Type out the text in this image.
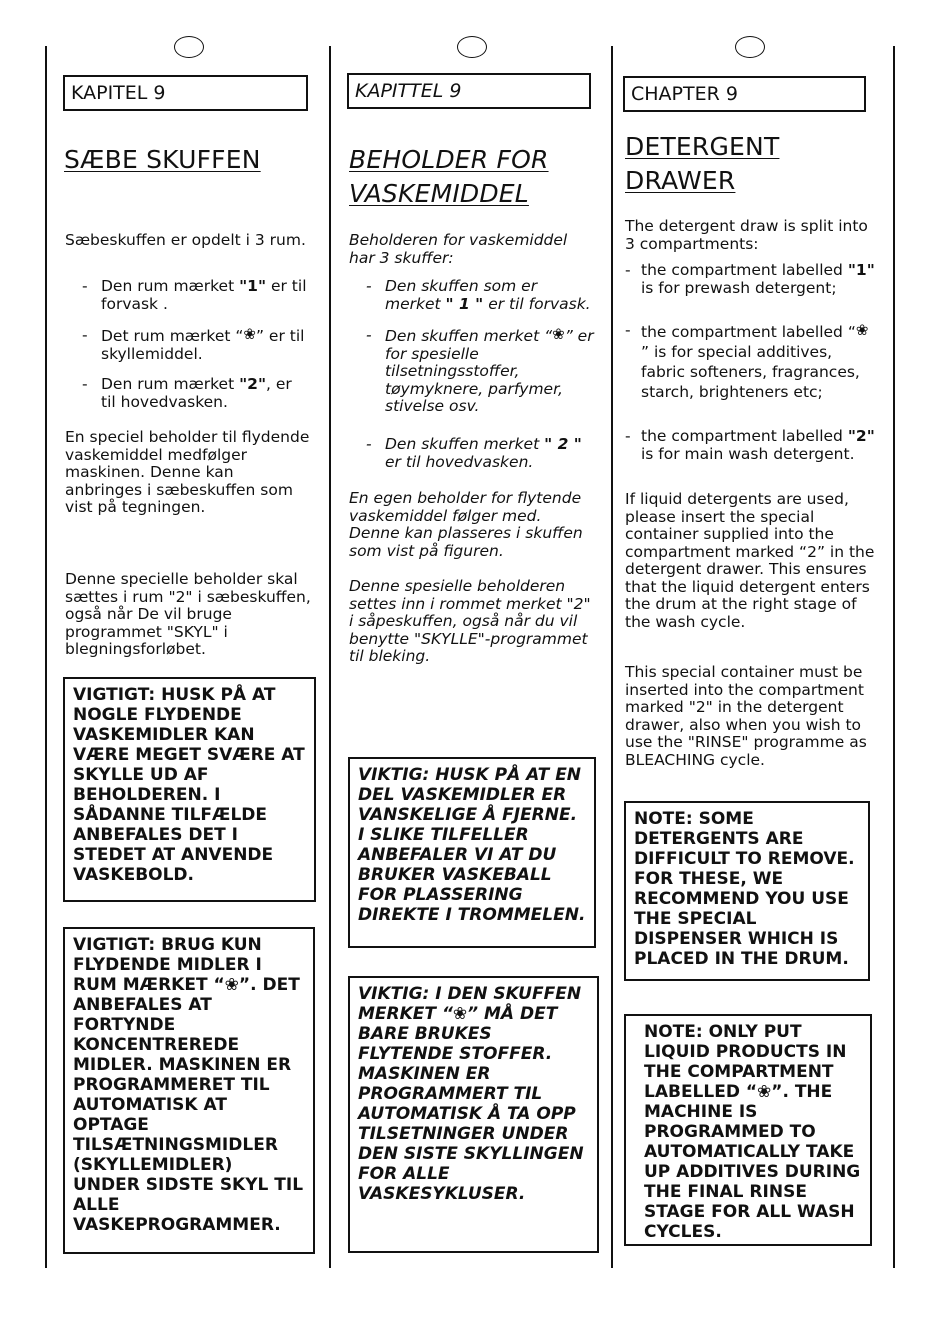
KAPITEL 9
SÆBE SKUFFEN

Sæbeskuffen er opdelt i 3 rum.

- Den rum mærket "1" er til forvask .
- Det rum mærket “❀” er til skyllemiddel.
- Den rum mærket "2", er til hovedvasken.

En speciel beholder til flydende vaskemiddel medfølger maskinen. Denne kan anbringes i sæbeskuffen som vist på tegningen.

Denne specielle beholder skal sættes i rum "2" i sæbeskuffen, også når De vil bruge programmet "SKYL" i blegningsforløbet.

VIGTIGT: HUSK PÅ AT NOGLE FLYDENDE VASKEMIDLER KAN VÆRE MEGET SVÆRE AT SKYLLE UD AF BEHOLDEREN. I SÅDANNE TILFÆLDE ANBEFALES DET I STEDET AT ANVENDE VASKEBOLD.
VIGTIGT: BRUG KUN FLYDENDE MIDLER I RUM MÆRKET “❀”. DET ANBEFALES AT FORTYNDE KONCENTREREDE MIDLER. MASKINEN ER PROGRAMMERET TIL AUTOMATISK AT OPTAGE TILSÆTNINGSMIDLER (SKYLLEMIDLER) UNDER SIDSTE SKYL TIL ALLE VASKEPROGRAMMER.
KAPITTEL 9
BEHOLDER FOR
VASKEMIDDEL

Beholderen for vaskemiddel har 3 skuffer:

- Den skuffen som er merket " 1 " er til forvask.
- Den skuffen merket “❀” er for spesielle tilsetningsstoffer, tøymyknere, parfymer, stivelse osv.
- Den skuffen merket " 2 " er til hovedvasken.

En egen beholder for flytende vaskemiddel følger med. Denne kan plasseres i skuffen som vist på figuren.

Denne spesielle beholderen settes inn i rommet merket "2" i såpeskuffen, også når du vil benytte "SKYLLE"-programmet til bleking.

VIKTIG: HUSK PÅ AT EN DEL VASKEMIDLER ER VANSKELIGE Å FJERNE. I SLIKE TILFELLER ANBEFALER VI AT DU BRUKER VASKEBALL FOR PLASSERING DIREKTE I TROMMELEN.
VIKTIG: I DEN SKUFFEN MERKET “❀” MÅ DET BARE BRUKES FLYTENDE STOFFER. MASKINEN ER PROGRAMMERT TIL AUTOMATISK Å TA OPP TILSETNINGER UNDER DEN SISTE SKYLLINGEN FOR ALLE VASKESYKLUSER.
CHAPTER 9
DETERGENT
DRAWER

The detergent draw is split into 3 compartments:

- the compartment labelled "1" is for prewash detergent;
- the compartment labelled “❀” is for special additives, fabric softeners, fragrances, starch, brighteners etc;
- the compartment labelled "2" is for main wash detergent.

If liquid detergents are used, please insert the special container supplied into the compartment marked “2” in the detergent drawer. This ensures that the liquid detergent enters the drum at the right stage of the wash cycle.

This special container must be inserted into the compartment marked "2" in the detergent drawer, also when you wish to use the "RINSE" programme as BLEACHING cycle.

NOTE: SOME DETERGENTS ARE DIFFICULT TO REMOVE. FOR THESE, WE RECOMMEND YOU USE THE SPECIAL DISPENSER WHICH IS PLACED IN THE DRUM.
NOTE: ONLY PUT LIQUID PRODUCTS IN THE COMPARTMENT LABELLED “❀”. THE MACHINE IS PROGRAMMED TO AUTOMATICALLY TAKE UP ADDITIVES DURING THE FINAL RINSE STAGE FOR ALL WASH CYCLES.
